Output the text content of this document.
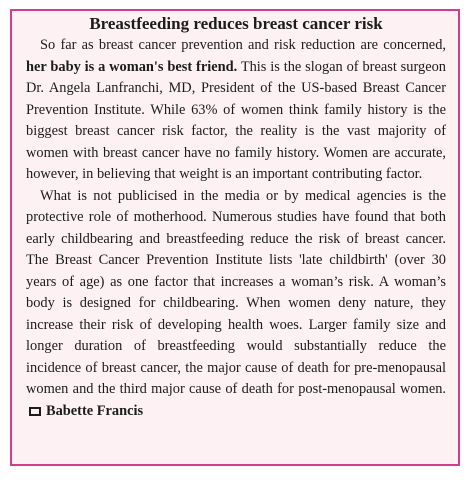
Breastfeeding reduces breast cancer risk

So far as breast cancer prevention and risk reduction are concerned, her baby is a woman's best friend. This is the slogan of breast surgeon Dr. Angela Lanfranchi, MD, President of the US-based Breast Cancer Prevention Institute. While 63% of women think family history is the biggest breast cancer risk factor, the reality is the vast majority of women with breast cancer have no family history. Women are accurate, however, in believing that weight is an important contributing factor.

What is not publicised in the media or by medical agencies is the protective role of motherhood. Numerous studies have found that both early childbearing and breastfeeding reduce the risk of breast cancer. The Breast Cancer Prevention Institute lists 'late childbirth' (over 30 years of age) as one factor that increases a woman’s risk. A woman’s body is designed for childbearing. When women deny nature, they increase their risk of developing health woes. Larger family size and longer duration of breastfeeding would substantially reduce the incidence of breast cancer, the major cause of death for pre-menopausal women and the third major cause of death for post-menopausal women.Babette Francis
